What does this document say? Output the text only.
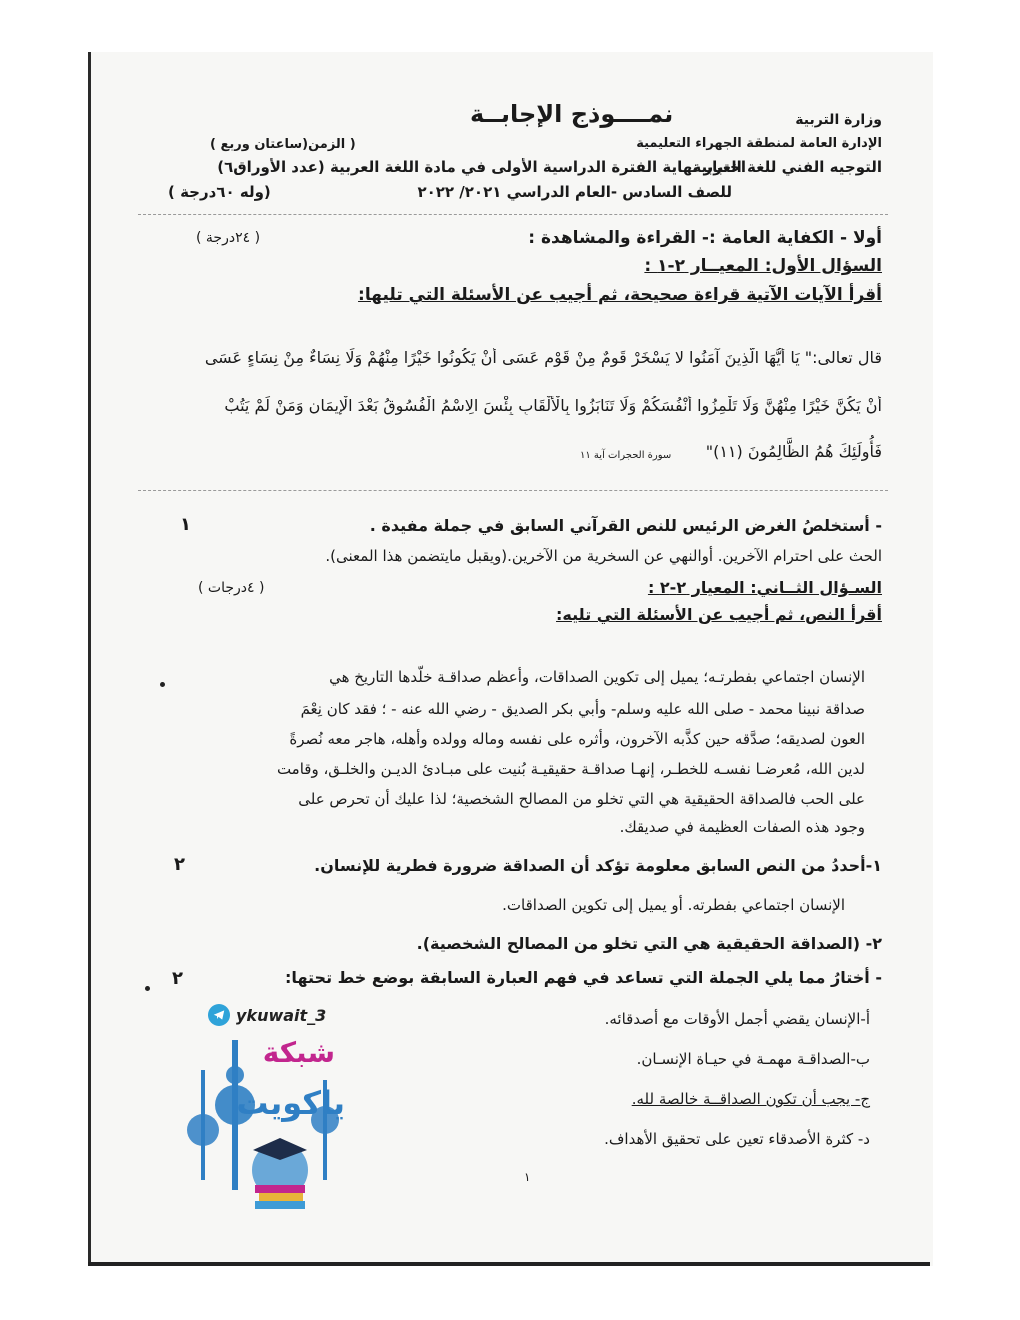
نمــــوذج الإجابــة	وزارة التربية
الإدارة العامة لمنطقة الجهراء التعليمية
( الزمن(ساعتان وربع )
التوجيه الفني للغة العربية
اختبار نهاية الفترة الدراسية الأولى في مادة اللغة العربية (عدد الأوراق٦)
للصف السادس -العام الدراسي ٢٠٢١/ ٢٠٢٢
(وله ٦٠درجة )
أولا - الكفاية العامة :- القراءة والمشاهدة :
( ٢٤درجة )
السؤال الأول: المعيــار ٢-١ :
أقرأ الآيات الآتية قراءة صحيحة، ثم أجيب عن الأسئلة التي تليها:
قال تعالى:" يَا أَيُّهَا الَّذِينَ آمَنُوا لا يَسْخَرْ قَومٌ مِنْ قَوْمٍ عَسَى أَنْ يَكُونُوا خَيْرًا مِنْهُمْ وَلَا نِسَاءٌ مِنْ نِسَاءٍ عَسَى
أَنْ يَكُنَّ خَيْرًا مِنْهُنَّ وَلَا تَلْمِزُوا أَنْفُسَكُمْ وَلَا تَنَابَزُوا بِالْأَلْقَابِ بِئْسَ الِاسْمُ الْفُسُوقُ بَعْدَ الْإِيمَانِ وَمَنْ لَمْ يَتُبْ
فَأُولَئِكَ هُمُ الظَّالِمُونَ (١١)"
سورة الحجرات آية ١١
- أستخلصُ الغرض الرئيس للنص القرآني السابق في جملة مفيدة .
١
الحث على احترام الآخرين. أوالنهي عن السخرية من الآخرين.(ويقبل مايتضمن هذا المعنى).
السـؤال الثــاني: المعيار ٢-٢ :
( ٤درجات )
أقرأ النص، ثم أجيب عن الأسئلة التي تليه:
الإنسان اجتماعي بفطرتـه؛ يميل إلى تكوين الصداقات، وأعظم صداقـة خلّدها التاريخ هي
صداقة نبينا محمد - صلى الله عليه وسلم- وأبي بكر الصديق - رضي الله عنه - ؛ فقد كان نِعْمَ
العون لصديقه؛ صدَّقه حين كذَّبه الآخرون، وأثره على نفسه وماله وولده وأهله، هاجر معه نُصرةً
لدين الله، مُعرضـا نفسـه للخطـر، إنهـا صداقـة حقيقيـة بُنيت على مبـادئ الديـن والخلـق، وقامت
على الحب فالصداقة الحقيقية هي التي تخلو من المصالح الشخصية؛ لذا عليك أن تحرص على
وجود هذه الصفات العظيمة في صديقك.
١-أحددُ من النص السابق معلومة تؤكد أن الصداقة ضرورة فطرية للإنسان.
٢
الإنسان اجتماعي بفطرته. أو يميل إلى تكوين الصداقات.
٢- (الصداقة الحقيقية هي التي تخلو من المصالح الشخصية).
- أختارُ مما يلي الجملة التي تساعد في فهم العبارة السابقة بوضع خط تحتها:
٢
أ-الإنسان يقضي أجمل الأوقات مع أصدقائه.
ب-الصداقـة مهمـة في حيـاة الإنسـان.
ج- يجب أن تكون الصداقــة خالصة لله.
د- كثرة الأصدقاء تعين على تحقيق الأهداف.
١
ykuwait_3
شبكة
ياكويت
